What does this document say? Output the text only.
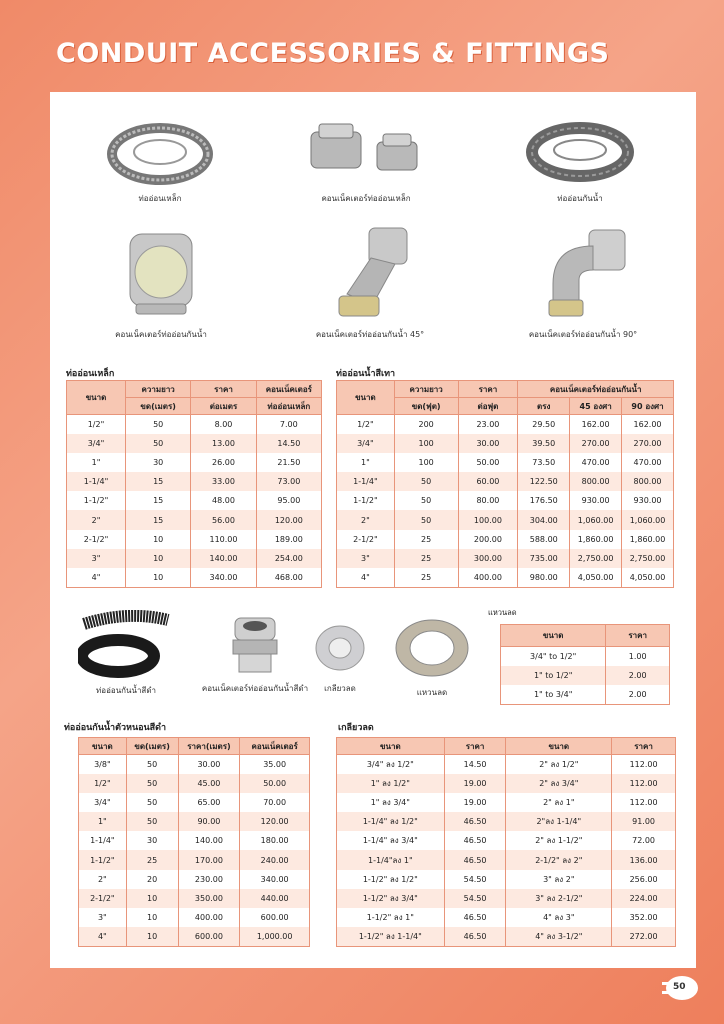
CONDUIT ACCESSORIES & FITTINGS
ท่ออ่อนเหล็ก	คอนเน็คเตอร์ท่ออ่อนเหล็ก	ท่ออ่อนกันน้ำ
คอนเน็คเตอร์ท่ออ่อนกันน้ำ	คอนเน็คเตอร์ท่ออ่อนกันน้ำ 45°	คอนเน็คเตอร์ท่ออ่อนกันน้ำ 90°
ท่ออ่อนเหล็ก
ขนาด	ความยาว	ราคา	คอนเน็คเตอร์
	ขด(เมตร)	ต่อเมตร	ท่ออ่อนเหล็ก
1/2"	50	8.00	7.00
3/4"	50	13.00	14.50
1"	30	26.00	21.50
1-1/4"	15	33.00	73.00
1-1/2"	15	48.00	95.00
2"	15	56.00	120.00
2-1/2"	10	110.00	189.00
3"	10	140.00	254.00
4"	10	340.00	468.00
ท่ออ่อนน้ำสีเทา
ขนาด	ความยาว	ราคา	คอนเน็คเตอร์ท่ออ่อนกันน้ำ		
	ขด(ฟุต)	ต่อฟุต	ตรง	45 องศา	90 องศา
1/2"	200	23.00	29.50	162.00	162.00
3/4"	100	30.00	39.50	270.00	270.00
1"	100	50.00	73.50	470.00	470.00
1-1/4"	50	60.00	122.50	800.00	800.00
1-1/2"	50	80.00	176.50	930.00	930.00
2"	50	100.00	304.00	1,060.00	1,060.00
2-1/2"	25	200.00	588.00	1,860.00	1,860.00
3"	25	300.00	735.00	2,750.00	2,750.00
4"	25	400.00	980.00	4,050.00	4,050.00
ท่ออ่อนกันน้ำสีดำ	คอนเน็คเตอร์ท่ออ่อนกันน้ำสีดำ	เกลียวลด	แหวนลด
แหวนลด
ขนาด	ราคา
3/4" to 1/2"	1.00
1" to 1/2"	2.00
1" to 3/4"	2.00
ท่ออ่อนกันน้ำตัวหนอนสีดำ
ขนาด	ขด(เมตร)	ราคา(เมตร)	คอนเน็คเตอร์
3/8"	50	30.00	35.00
1/2"	50	45.00	50.00
3/4"	50	65.00	70.00
1"	50	90.00	120.00
1-1/4"	30	140.00	180.00
1-1/2"	25	170.00	240.00
2"	20	230.00	340.00
2-1/2"	10	350.00	440.00
3"	10	400.00	600.00
4"	10	600.00	1,000.00
เกลียวลด
ขนาด	ราคา	ขนาด	ราคา
3/4" ลง 1/2"	14.50	2" ลง 1/2"	112.00
1" ลง 1/2"	19.00	2" ลง 3/4"	112.00
1" ลง 3/4"	19.00	2" ลง 1"	112.00
1-1/4" ลง 1/2"	46.50	2"ลง 1-1/4"	91.00
1-1/4" ลง 3/4"	46.50	2" ลง 1-1/2"	72.00
1-1/4"ลง 1"	46.50	2-1/2" ลง 2"	136.00
1-1/2" ลง 1/2"	54.50	3" ลง 2"	256.00
1-1/2" ลง 3/4"	54.50	3" ลง 2-1/2"	224.00
1-1/2" ลง 1"	46.50	4" ลง 3"	352.00
1-1/2" ลง 1-1/4"	46.50	4" ลง 3-1/2"	272.00
50
